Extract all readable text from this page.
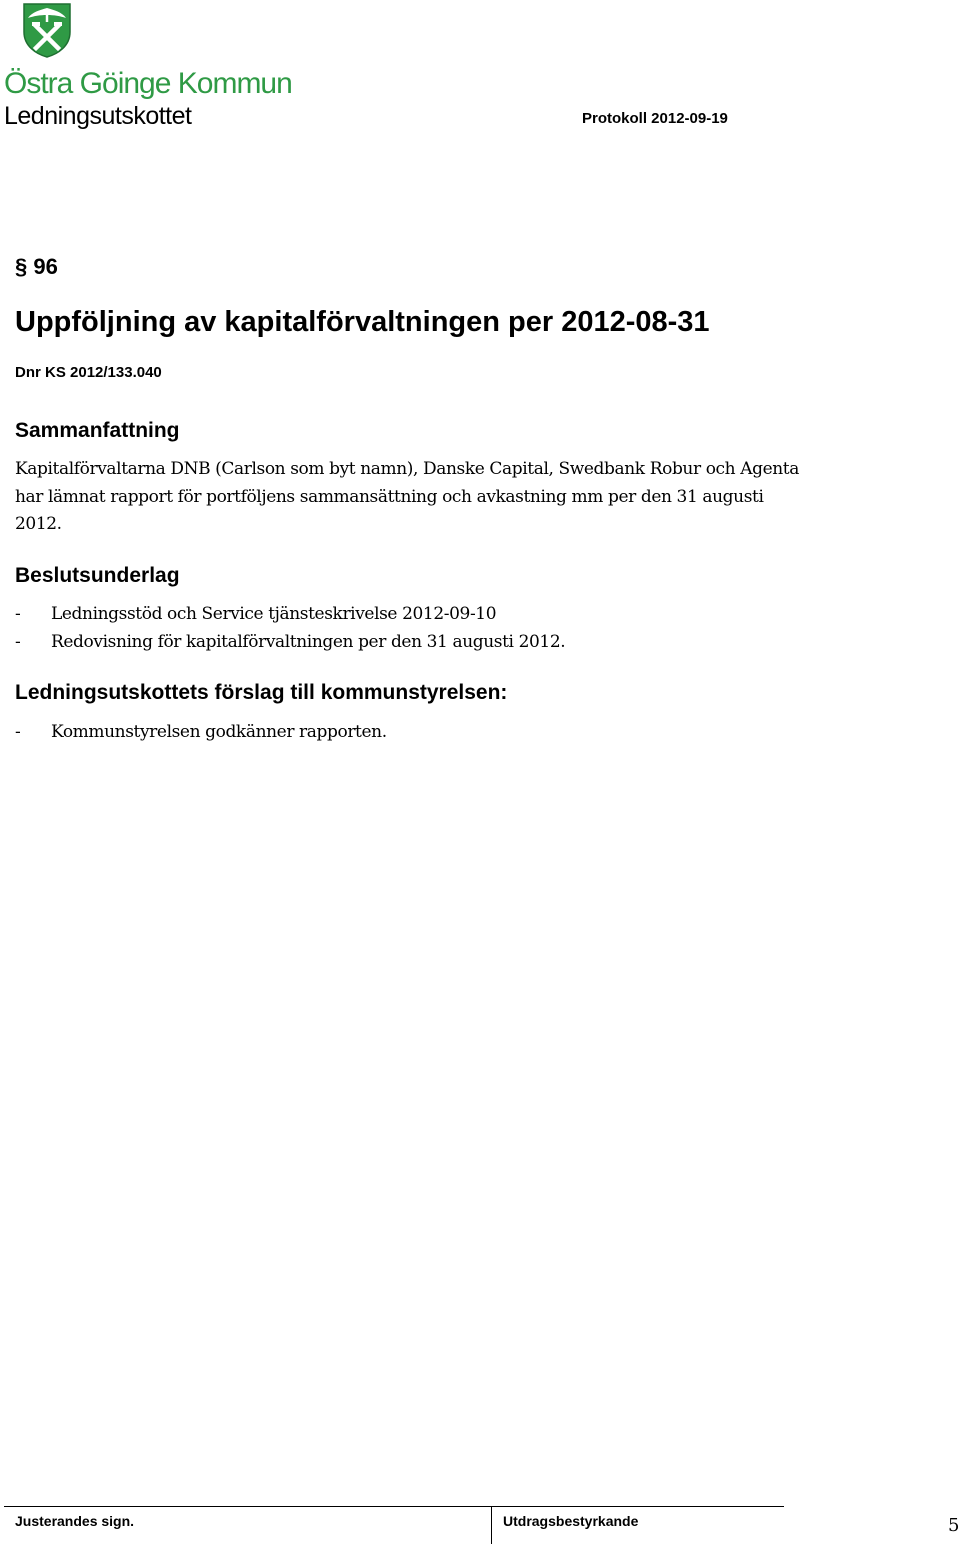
Östra Göinge Kommun
Ledningsutskottet	Protokoll 2012-09-19
§ 96
Uppföljning av kapitalförvaltningen per 2012-08-31
Dnr KS 2012/133.040
Sammanfattning
Kapitalförvaltarna DNB (Carlson som byt namn), Danske Capital, Swedbank Robur och Agenta har lämnat rapport för portföljens sammansättning och avkastning mm per den 31 augusti 2012.
Beslutsunderlag
- Ledningsstöd och Service tjänsteskrivelse 2012-09-10
- Redovisning för kapitalförvaltningen per den 31 augusti 2012.
Ledningsutskottets förslag till kommunstyrelsen:
- Kommunstyrelsen godkänner rapporten.
Justerandes sign.	Utdragsbestyrkande	5
